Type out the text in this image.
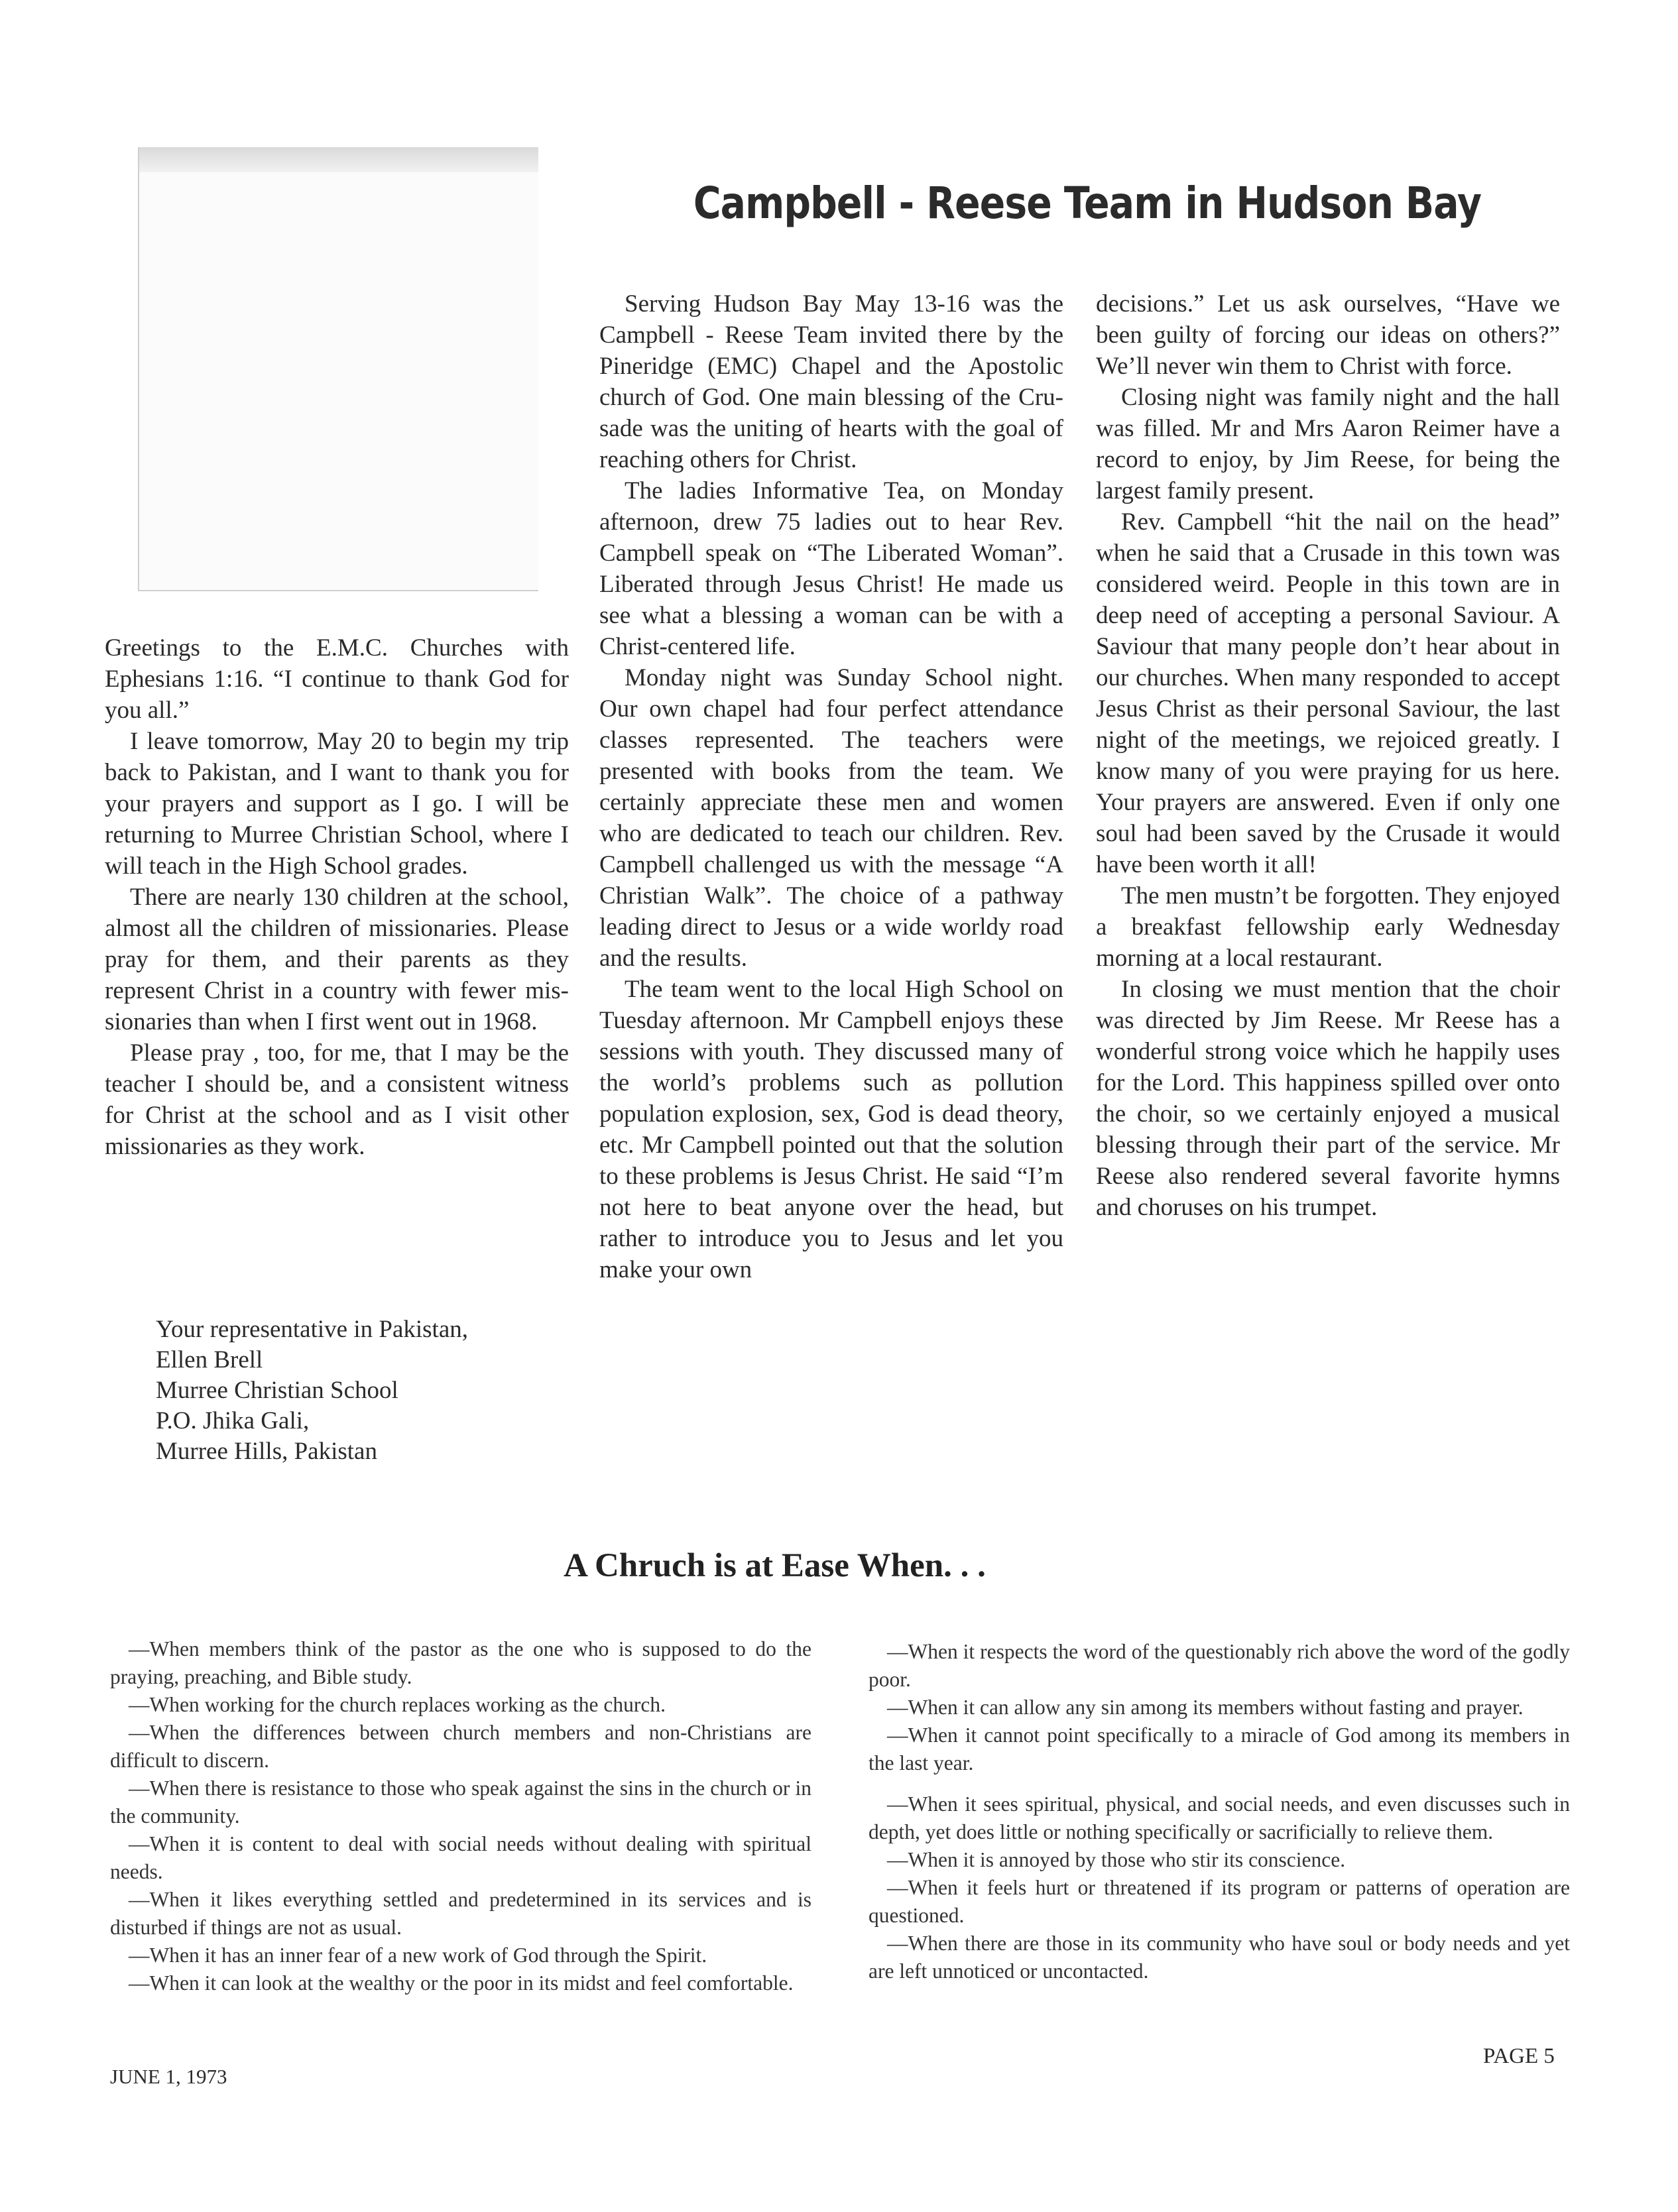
Campbell - Reese Team in Hudson Bay

Greetings to the E.M.C. Churches with Ephesians 1:16. “I continue to thank God for you all.”

I leave tomorrow, May 20 to begin my trip back to Pakistan, and I want to thank you for your prayers and support as I go. I will be returning to Murree Christian School, where I will teach in the High School grades.

There are nearly 130 children at the school, almost all the children of missionaries. Please pray for them, and their parents as they represent Christ in a country with fewer missionaries than when I first went out in 1968.

Please pray , too, for me, that I may be the teacher I should be, and a consistent witness for Christ at the school and as I visit other missionaries as they work.

Your representative in Pakistan,
Ellen Brell
Murree Christian School
P.O. Jhika Gali,
Murree Hills, Pakistan

Serving Hudson Bay May 13-16 was the Campbell - Reese Team invited there by the Pineridge (EMC) Chapel and the Apostolic church of God. One main blessing of the Crusade was the uniting of hearts with the goal of reaching others for Christ.

The ladies Informative Tea, on Monday afternoon, drew 75 ladies out to hear Rev. Campbell speak on “The Liberated Woman”. Liberated through Jesus Christ! He made us see what a blessing a woman can be with a Christ-centered life.

Monday night was Sunday School night. Our own chapel had four perfect attendance classes represented. The teachers were presented with books from the team. We certainly appreciate these men and women who are dedicated to teach our children. Rev. Campbell challenged us with the message “A Christian Walk”. The choice of a pathway leading direct to Jesus or a wide worldy road and the results.

The team went to the local High School on Tuesday afternoon. Mr Campbell enjoys these sessions with youth. They discussed many of the world’s problems such as pollution population explosion, sex, God is dead theory, etc. Mr Campbell pointed out that the solution to these problems is Jesus Christ. He said “I’m not here to beat anyone over the head, but rather to introduce you to Jesus and let you make your own

decisions.” Let us ask ourselves, “Have we been guilty of forcing our ideas on others?” We’ll never win them to Christ with force.

Closing night was family night and the hall was filled. Mr and Mrs Aaron Reimer have a record to enjoy, by Jim Reese, for being the largest family present.

Rev. Campbell “hit the nail on the head” when he said that a Crusade in this town was considered weird. People in this town are in deep need of accepting a personal Saviour. A Saviour that many people don’t hear about in our churches. When many responded to accept Jesus Christ as their personal Saviour, the last night of the meetings, we rejoiced greatly. I know many of you were praying for us here. Your prayers are answered. Even if only one soul had been saved by the Crusade it would have been worth it all!

The men mustn’t be forgotten. They enjoyed a breakfast fellowship early Wednesday morning at a local restaurant.

In closing we must mention that the choir was directed by Jim Reese. Mr Reese has a wonderful strong voice which he happily uses for the Lord. This happiness spilled over onto the choir, so we certainly enjoyed a musical blessing through their part of the service. Mr Reese also rendered several favorite hymns and choruses on his trumpet.

A Chruch is at Ease When. . .

—When members think of the pastor as the one who is supposed to do the praying, preaching, and Bible study.

—When working for the church replaces working as the church.

—When the differences between church members and non-Christians are difficult to discern.

—When there is resistance to those who speak against the sins in the church or in the community.

—When it is content to deal with social needs without dealing with spiritual needs.

—When it likes everything settled and predetermined in its services and is disturbed if things are not as usual.

—When it has an inner fear of a new work of God through the Spirit.

—When it can look at the wealthy or the poor in its midst and feel comfortable.

—When it respects the word of the questionably rich above the word of the godly poor.

—When it can allow any sin among its members without fasting and prayer.

—When it cannot point specifically to a miracle of God among its members in the last year.

—When it sees spiritual, physical, and social needs, and even discusses such in depth, yet does little or nothing specifically or sacrificially to relieve them.

—When it is annoyed by those who stir its conscience.

—When it feels hurt or threatened if its program or patterns of operation are questioned.

—When there are those in its community who have soul or body needs and yet are left unnoticed or uncontacted.

JUNE 1, 1973
PAGE 5
